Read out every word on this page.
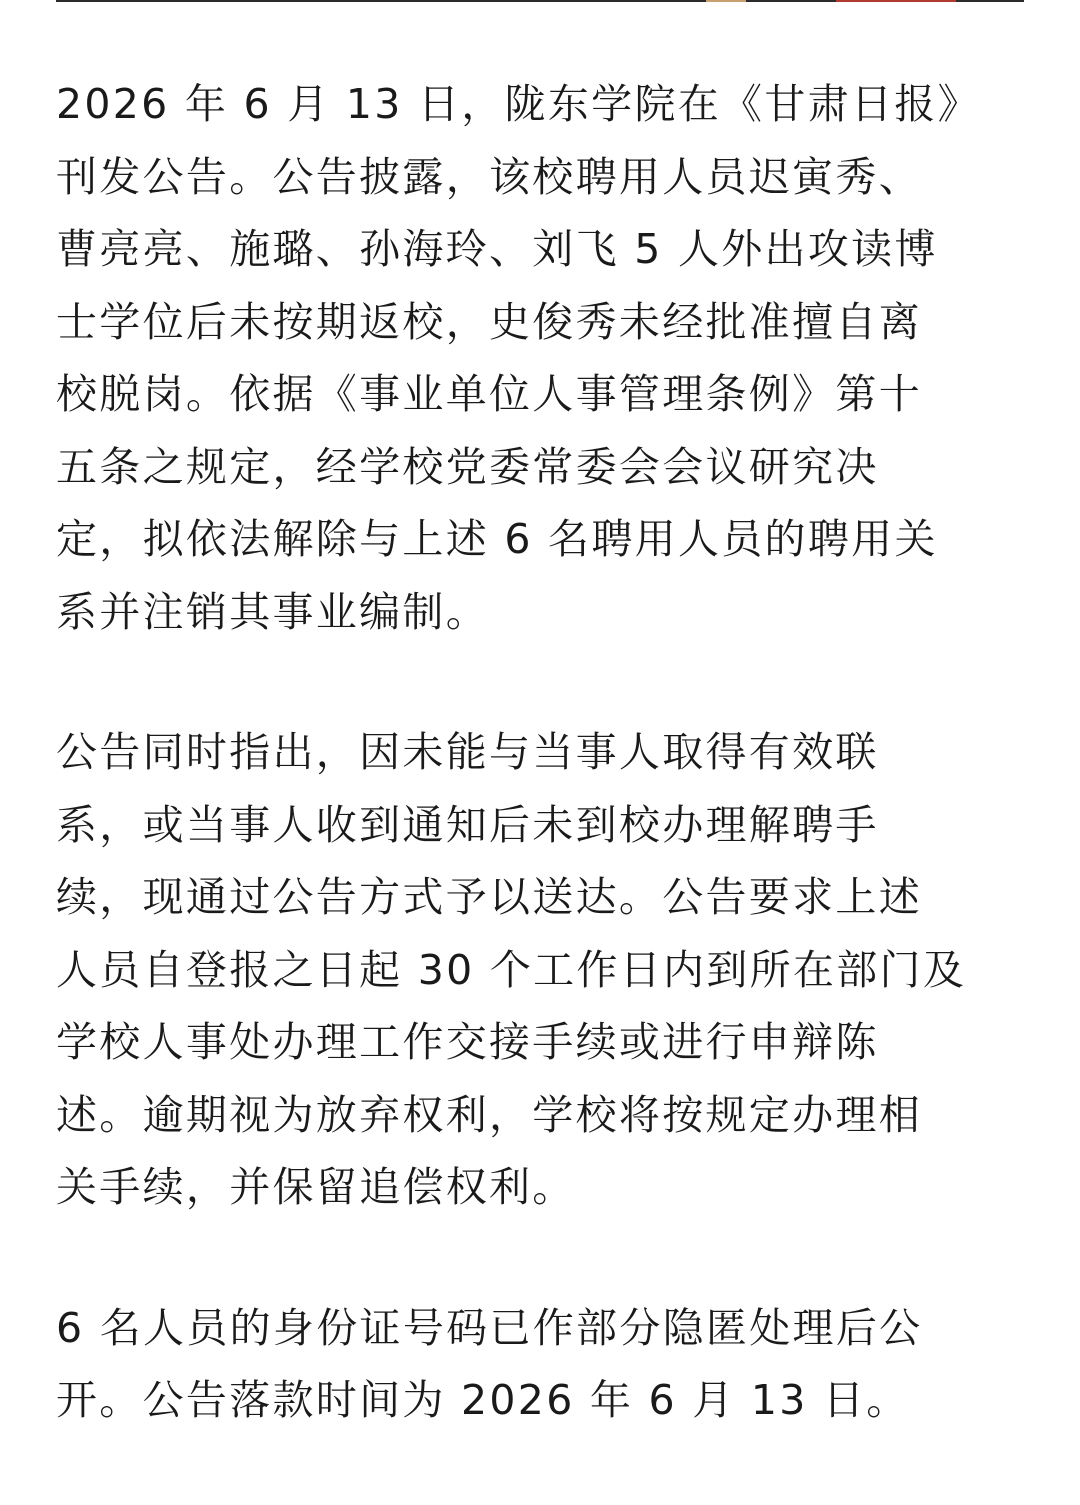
2026 年 6 月 13 日，陇东学院在《甘肃日报》
刊发公告。公告披露，该校聘用人员迟寅秀、
曹亮亮、施璐、孙海玲、刘飞 5 人外出攻读博
士学位后未按期返校，史俊秀未经批准擅自离
校脱岗。依据《事业单位人事管理条例》第十
五条之规定，经学校党委常委会会议研究决
定，拟依法解除与上述 6 名聘用人员的聘用关
系并注销其事业编制。

公告同时指出，因未能与当事人取得有效联
系，或当事人收到通知后未到校办理解聘手
续，现通过公告方式予以送达。公告要求上述
人员自登报之日起 30 个工作日内到所在部门及
学校人事处办理工作交接手续或进行申辩陈
述。逾期视为放弃权利，学校将按规定办理相
关手续，并保留追偿权利。

6 名人员的身份证号码已作部分隐匿处理后公
开。公告落款时间为 2026 年 6 月 13 日。
